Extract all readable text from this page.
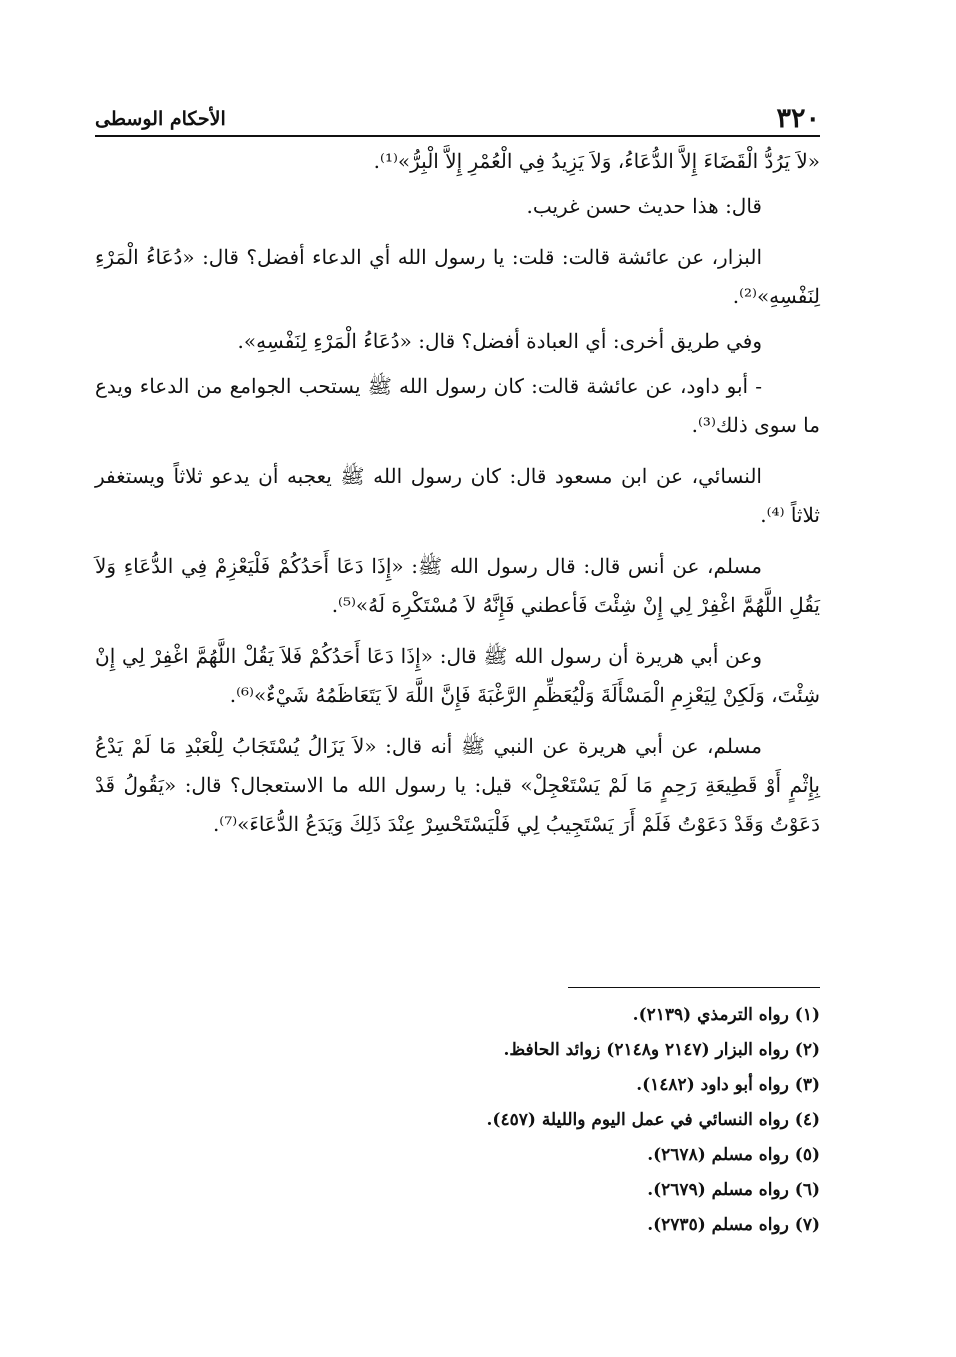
٣٢٠
الأحكام الوسطى

«لاَ يَرُدُّ الْقَضَاءَ إِلاَّ الدُّعَاءُ، وَلاَ يَزِيدُ فِي الْعُمْرِ إِلاَّ الْبِرُّ»⁽¹⁾.

قال: هذا حديث حسن غريب.

البزار، عن عائشة قالت: قلت: يا رسول الله أي الدعاء أفضل؟ قال: «دُعَاءُ الْمَرْءِ لِنَفْسِهِ»⁽²⁾.

وفي طريق أخرى: أي العبادة أفضل؟ قال: «دُعَاءُ الْمَرْءِ لِنَفْسِهِ».

- أبو داود، عن عائشة قالت: كان رسول الله ﷺ يستحب الجوامع من الدعاء ويدع ما سوى ذلك⁽³⁾.

النسائي، عن ابن مسعود قال: كان رسول الله ﷺ يعجبه أن يدعو ثلاثاً ويستغفر ثلاثاً ⁽⁴⁾.

مسلم، عن أنس قال: قال رسول الله ﷺ: «إِذَا دَعَا أَحَدُكُمْ فَلْيَعْزِمْ فِي الدُّعَاءِ وَلاَ يَقُلِ اللَّهُمَّ اغْفِرْ لِي إِنْ شِئْتَ فَأعطني فَإِنَّهُ لاَ مُسْتَكْرِهَ لَهُ»⁽⁵⁾.

وعن أبي هريرة أن رسول الله ﷺ قال: «إِذَا دَعَا أَحَدُكُمْ فَلاَ يَقُلْ اللَّهُمَّ اغْفِرْ لِي إِنْ شِئْتَ، وَلَكِنْ لِيَعْزِمِ الْمَسْأَلَةَ وَلْيُعَظِّمِ الرَّغْبَةَ فَإِنَّ اللَّهَ لاَ يَتَعَاظَمُهُ شَيْءٌ»⁽⁶⁾.

مسلم، عن أبي هريرة عن النبي ﷺ أنه قال: «لاَ يَزَالُ يُسْتَجَابُ لِلْعَبْدِ مَا لَمْ يَدْعُ بِإِثْمٍ أَوْ قَطِيعَةِ رَحِمٍ مَا لَمْ يَسْتَعْجِلْ» قيل: يا رسول الله ما الاستعجال؟ قال: «يَقُولُ قَدْ دَعَوْتُ وَقَدْ دَعَوْتُ فَلَمْ أَرَ يَسْتَجِيبُ لِي فَلْيَسْتَحْسِرْ عِنْدَ ذَلِكَ وَيَدَعُ الدُّعَاءَ»⁽⁷⁾.

(١) رواه الترمذي (٢١٣٩).
(٢) رواه البزار (٢١٤٧ و٢١٤٨) زوائد الحافظ.
(٣) رواه أبو داود (١٤٨٢).
(٤) رواه النسائي في عمل اليوم والليلة (٤٥٧).
(٥) رواه مسلم (٢٦٧٨).
(٦) رواه مسلم (٢٦٧٩).
(٧) رواه مسلم (٢٧٣٥).
